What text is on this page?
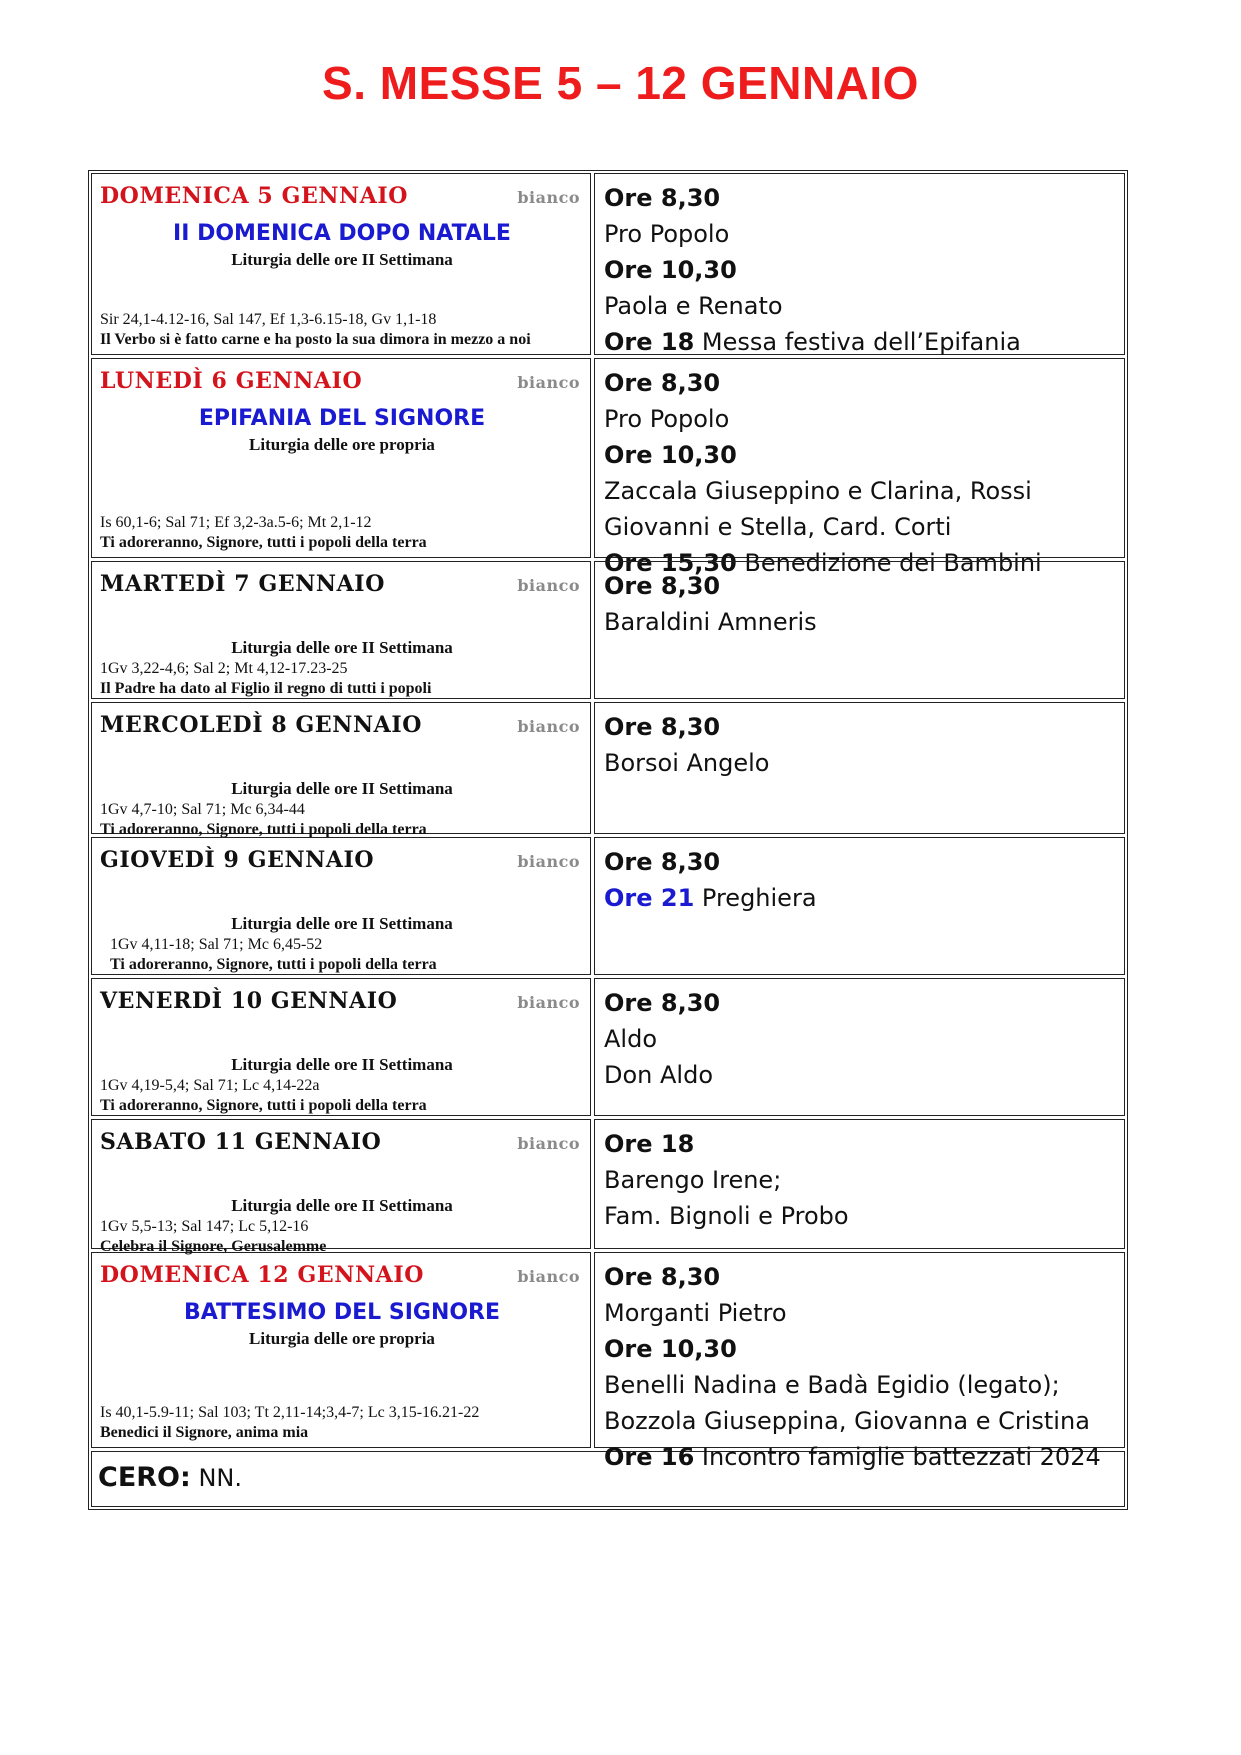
S. MESSE 5 – 12 GENNAIO
DOMENICA 5 GENNAIO	bianco
II DOMENICA DOPO NATALE
Liturgia delle ore II Settimana
Sir 24,1-4.12-16, Sal 147, Ef 1,3-6.15-18, Gv 1,1-18
Il Verbo si è fatto carne e ha posto la sua dimora in mezzo a noi
Ore 8,30
Pro Popolo
Ore 10,30
Paola e Renato
Ore 18 Messa festiva dell’Epifania
LUNEDÌ 6 GENNAIO	bianco
EPIFANIA DEL SIGNORE
Liturgia delle ore propria
Is 60,1-6; Sal 71; Ef 3,2-3a.5-6; Mt 2,1-12
Ti adoreranno, Signore, tutti i popoli della terra
Ore 8,30
Pro Popolo
Ore 10,30
Zaccala Giuseppino e Clarina, Rossi
Giovanni e Stella, Card. Corti
Ore 15,30 Benedizione dei Bambini
MARTEDÌ 7 GENNAIO	bianco
Liturgia delle ore II Settimana
1Gv 3,22-4,6; Sal 2; Mt 4,12-17.23-25
Il Padre ha dato al Figlio il regno di tutti i popoli
Ore 8,30
Baraldini Amneris
MERCOLEDÌ 8 GENNAIO	bianco
Liturgia delle ore II Settimana
1Gv 4,7-10; Sal 71; Mc 6,34-44
Ti adoreranno, Signore, tutti i popoli della terra
Ore 8,30
Borsoi Angelo
GIOVEDÌ 9 GENNAIO	bianco
Liturgia delle ore II Settimana
1Gv 4,11-18; Sal 71; Mc 6,45-52
Ti adoreranno, Signore, tutti i popoli della terra
Ore 8,30
Ore 21 Preghiera
VENERDÌ 10 GENNAIO	bianco
Liturgia delle ore II Settimana
1Gv 4,19-5,4; Sal 71; Lc 4,14-22a
Ti adoreranno, Signore, tutti i popoli della terra
Ore 8,30
Aldo
Don Aldo
SABATO 11 GENNAIO	bianco
Liturgia delle ore II Settimana
1Gv 5,5-13; Sal 147; Lc 5,12-16
Celebra il Signore, Gerusalemme
Ore 18
Barengo Irene;
Fam. Bignoli e Probo
DOMENICA 12 GENNAIO	bianco
BATTESIMO DEL SIGNORE
Liturgia delle ore propria
Is 40,1-5.9-11; Sal 103; Tt 2,11-14;3,4-7; Lc 3,15-16.21-22
Benedici il Signore, anima mia
Ore 8,30
Morganti Pietro
Ore 10,30
Benelli Nadina e Badà Egidio (legato);
Bozzola Giuseppina, Giovanna e Cristina
Ore 16 Incontro famiglie battezzati 2024
CERO: NN.
